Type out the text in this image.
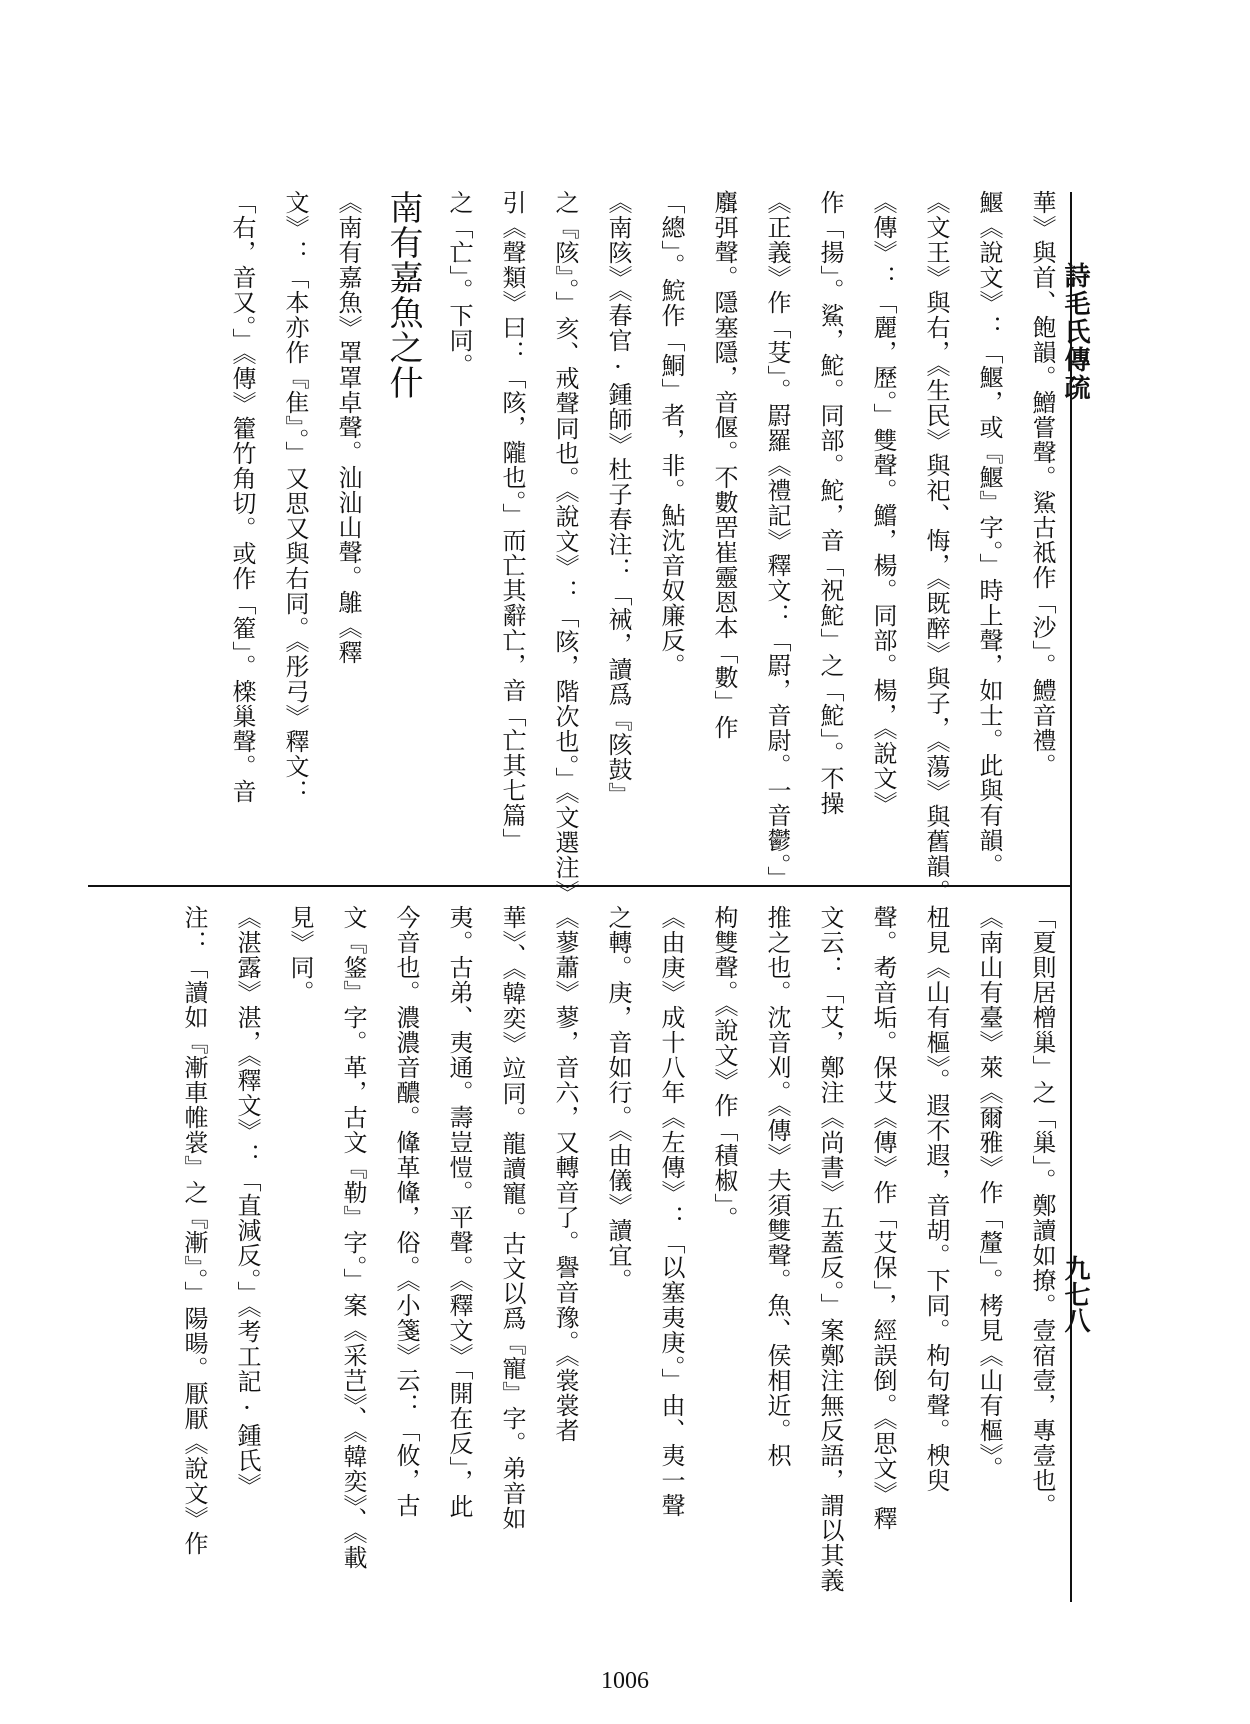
詩毛氏傳疏
九七八
華》與首、飽韻。鱛嘗聲。鯊古祗作「沙」。鱧音禮。
鰋《說文》：「鰋，或『鰋』字。」時上聲，如士。此與有韻。
《文王》與右，《生民》與祀、悔，《既醉》與子，《蕩》與舊韻。
《傳》：「麗，歷。」雙聲。鱨，楊。同部。楊，《說文》
作「揚」。鯊，鮀。同部。鮀，音「祝鮀」之「鮀」。不操
《正義》作「芟」。罻羅《禮記》釋文：「罻，音尉。一音鬱。」
麛弭聲。隱塞隱，音偃。不數罟崔靈恩本「數」作
「總」。鯇作「鮦」者，非。鮎沈音奴廉反。
《南陔》《春官·鍾師》杜子春注：「祴，讀爲『陔鼓』
之『陔』。」亥、戒聲同也。《說文》：「陔，階次也。」《文選注》
引《聲類》曰：「陔，隴也。」而亡其辭亡，音「亡其七篇」
之「亡」。下同。
南有嘉魚之什
《南有嘉魚》罩罩卓聲。汕汕山聲。鵻《釋
文》：「本亦作『隹』。」又思又與右同。《彤弓》釋文：
「右，音又。」《傳》籗竹角切。或作「篧」。檪巢聲。音
「夏則居橧巢」之「巢」。鄭讀如撩。壹宿壹，專壹也。
《南山有臺》萊《爾雅》作「釐」。栲見《山有樞》。
杻見《山有樞》。遐不遐，音胡。下同。枸句聲。楰臾
聲。耇音垢。保艾《傳》作「艾保」，經誤倒。《思文》釋
文云：「艾，鄭注《尚書》五蓋反。」案鄭注無反語，謂以其義
推之也。沈音刈。《傳》夫須雙聲。魚、侯相近。枳
枸雙聲。《說文》作「積椒」。
《由庚》成十八年《左傳》：「以塞夷庚。」由、夷一聲
之轉。庚，音如行。《由儀》讀宜。
《蓼蕭》蓼，音六，又轉音了。譽音豫。《裳裳者
華》、《韓奕》竝同。龍讀寵。古文以爲『寵』字。弟音如
夷。古弟、夷通。壽豈愷。平聲。《釋文》「開在反」，此
今音也。濃濃音醲。鞗革鞗，俗。《小箋》云：「攸，古
文『鋚』字。革，古文『勒』字。」案《采芑》、《韓奕》、《載
見》同。
《湛露》湛，《釋文》：「直減反。」《考工記·鍾氏》
注：「讀如『漸車帷裳』之『漸』。」陽暘。厭厭《說文》作
1006
